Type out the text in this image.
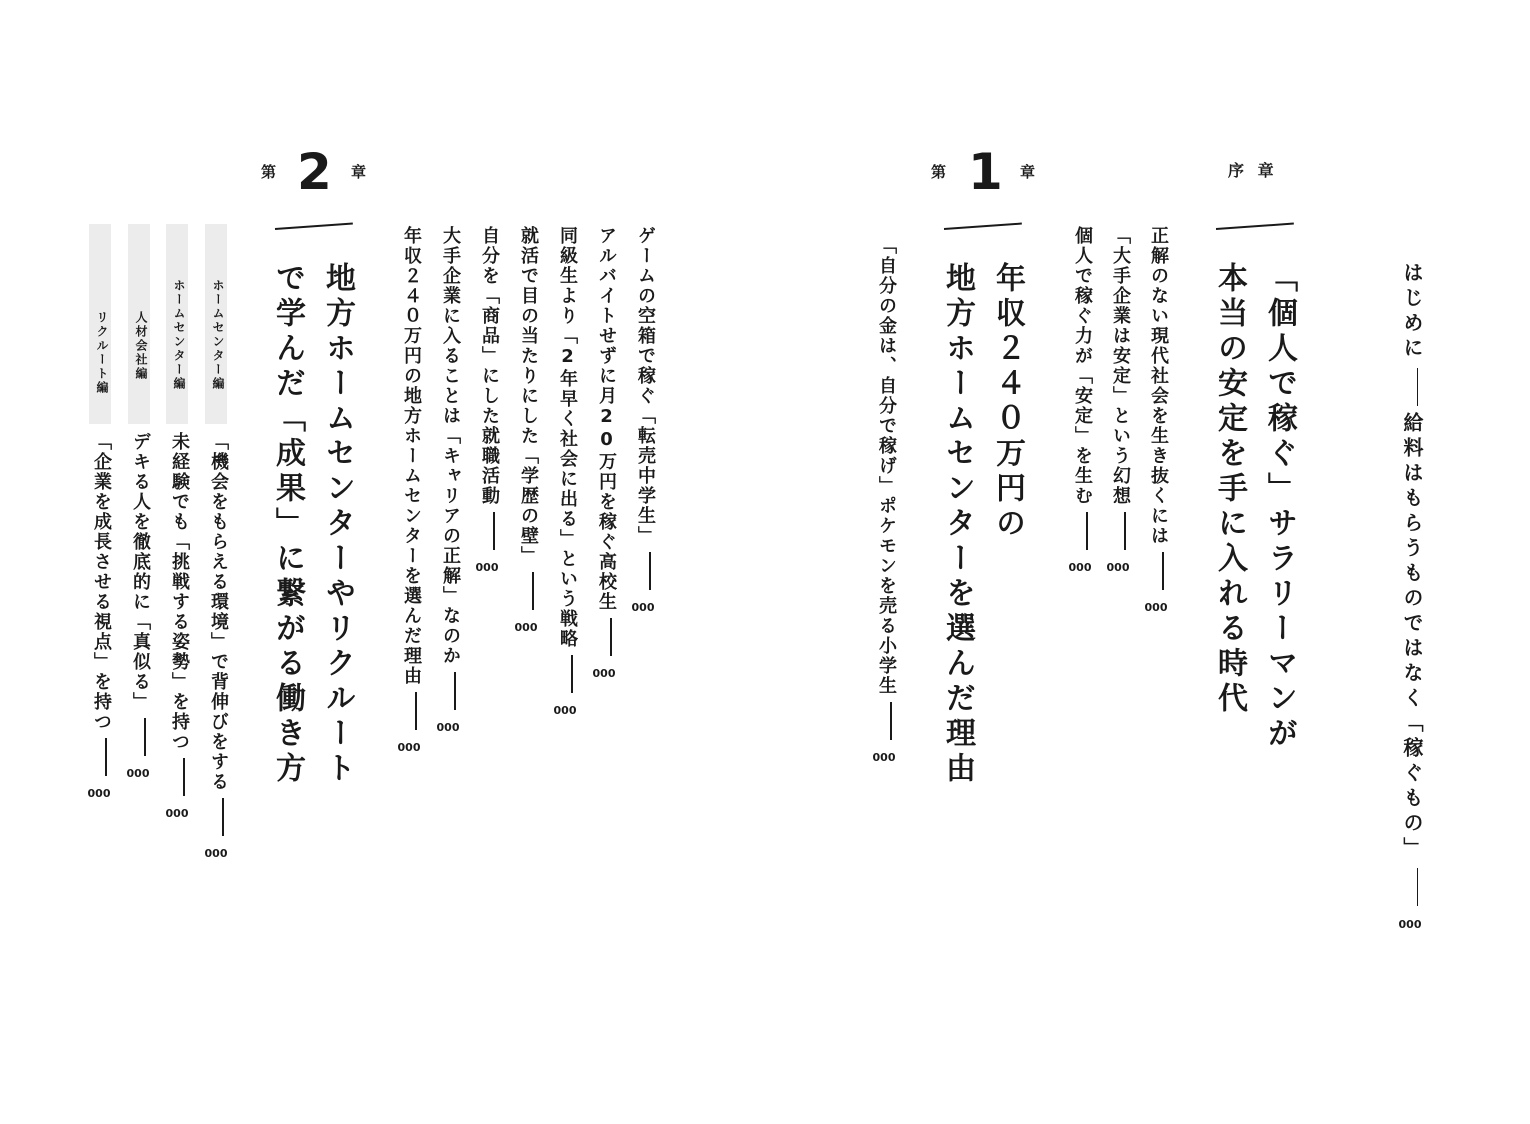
はじめに給料はもらうものではなく「稼ぐもの」000
序 章
「個人で稼ぐ」サラリーマンが
本当の安定を手に入れる時代
正解のない現代社会を生き抜くには000
「大手企業は安定」という幻想000
個人で稼ぐ力が「安定」を生む000
第 1 章
年収２４０万円の
地方ホームセンターを選んだ理由
「自分の金は、自分で稼げ」ポケモンを売る小学生000
ゲームの空箱で稼ぐ「転売中学生」000
アルバイトせずに月20万円を稼ぐ高校生000
同級生より「2年早く社会に出る」という戦略000
就活で目の当たりにした「学歴の壁」000
自分を「商品」にした就職活動000
大手企業に入ることは「キャリアの正解」なのか000
年収２４０万円の地方ホームセンターを選んだ理由000
第 2 章
地方ホームセンターやリクルート
で学んだ「成果」に繋がる働き方
ホームセンター編
ホームセンター編
人材会社編
リクルート編
「機会をもらえる環境」で背伸びをする000
未経験でも「挑戦する姿勢」を持つ000
デキる人を徹底的に「真似る」000
「企業を成長させる視点」を持つ000
